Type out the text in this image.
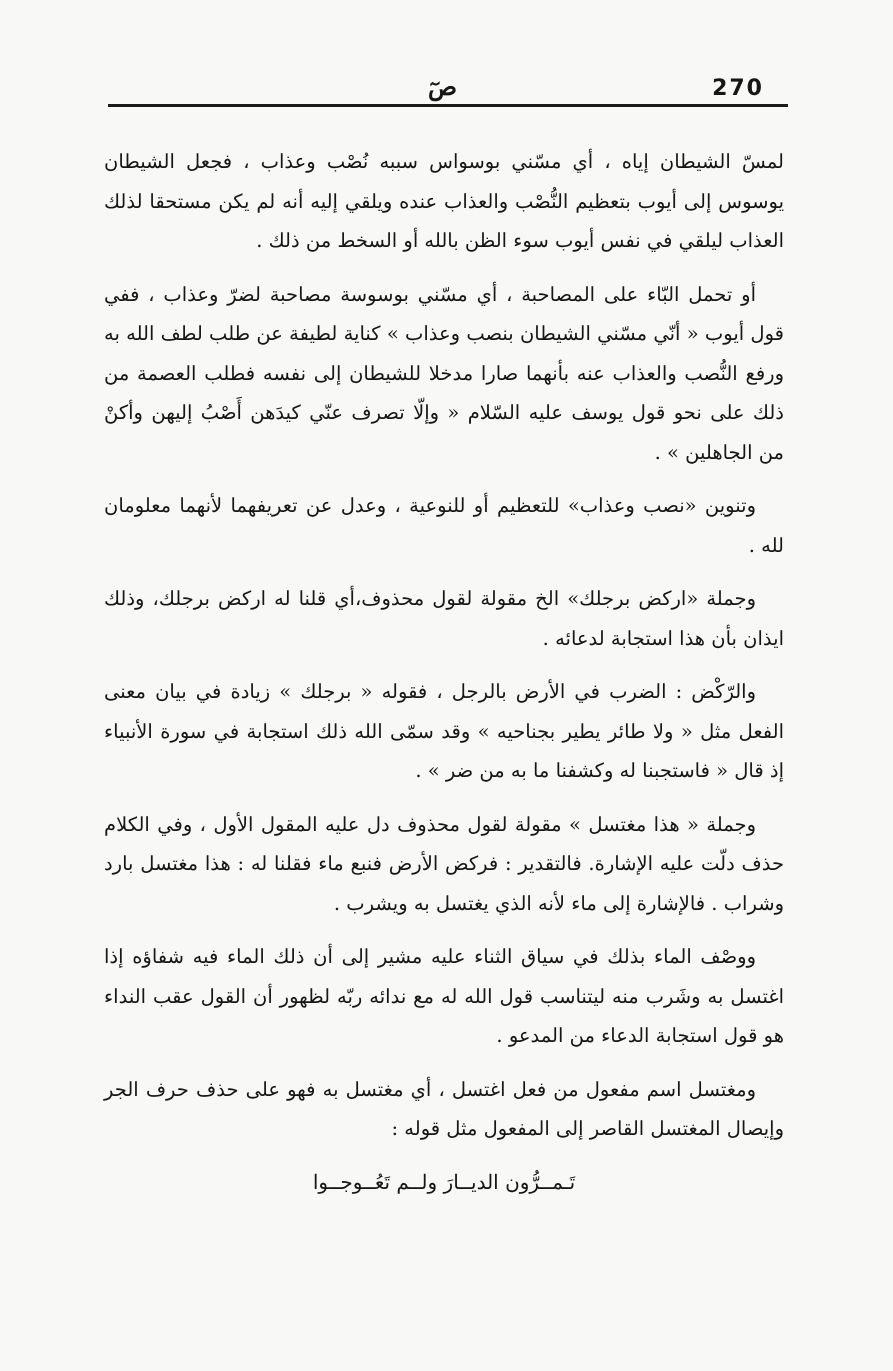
270
صٓ

لمسّ الشيطان إياه ، أي مسّني بوسواس سببه نُصْب وعذاب ، فجعل الشيطان يوسوس إلى أيوب بتعظيم النُّصْب والعذاب عنده ويلقي إليه أنه لم يكن مستحقا لذلك العذاب ليلقي في نفس أيوب سوء الظن بالله أو السخط من ذلك .

أو تحمل البّاء على المصاحبة ، أي مسّني بوسوسة مصاحبة لضرّ وعذاب ، ففي قول أيوب « أنّي مسّني الشيطان بنصب وعذاب » كناية لطيفة عن طلب لطف الله به ورفع النُّصب والعذاب عنه بأنهما صارا مدخلا للشيطان إلى نفسه فطلب العصمة من ذلك على نحو قول يوسف عليه السّلام « وإلّا تصرف عنّي كيدَهن أَصْبُ إليهن وأكنْ من الجاهلين » .

وتنوين «نصب وعذاب» للتعظيم أو للنوعية ، وعدل عن تعريفهما لأنهما معلومان لله .

وجملة «اركض برجلك» الخ مقولة لقول محذوف،أي قلنا له اركض برجلك، وذلك ايذان بأن هذا استجابة لدعائه .

والرّكْض : الضرب في الأرض بالرجل ، فقوله « برجلك » زيادة في بيان معنى الفعل مثل « ولا طائر يطير بجناحيه » وقد سمّى الله ذلك استجابة في سورة الأنبياء إذ قال « فاستجبنا له وكشفنا ما به من ضر » .

وجملة « هذا مغتسل » مقولة لقول محذوف دل عليه المقول الأول ، وفي الكلام حذف دلّت عليه الإشارة. فالتقدير : فركض الأرض فنبع ماء فقلنا له : هذا مغتسل بارد وشراب . فالإشارة إلى ماء لأنه الذي يغتسل به ويشرب .

ووصْف الماء بذلك في سياق الثناء عليه مشير إلى أن ذلك الماء فيه شفاؤه إذا اغتسل به وشَرب منه ليتناسب قول الله له مع ندائه ربّه لظهور أن القول عقب النداء هو قول استجابة الدعاء من المدعو .

ومغتسل اسم مفعول من فعل اغتسل ، أي مغتسل به فهو على حذف حرف الجر وإيصال المغتسل القاصر إلى المفعول مثل قوله :

تَـمــرُّون الديــارَ ولــم تَعُــوجــوا
